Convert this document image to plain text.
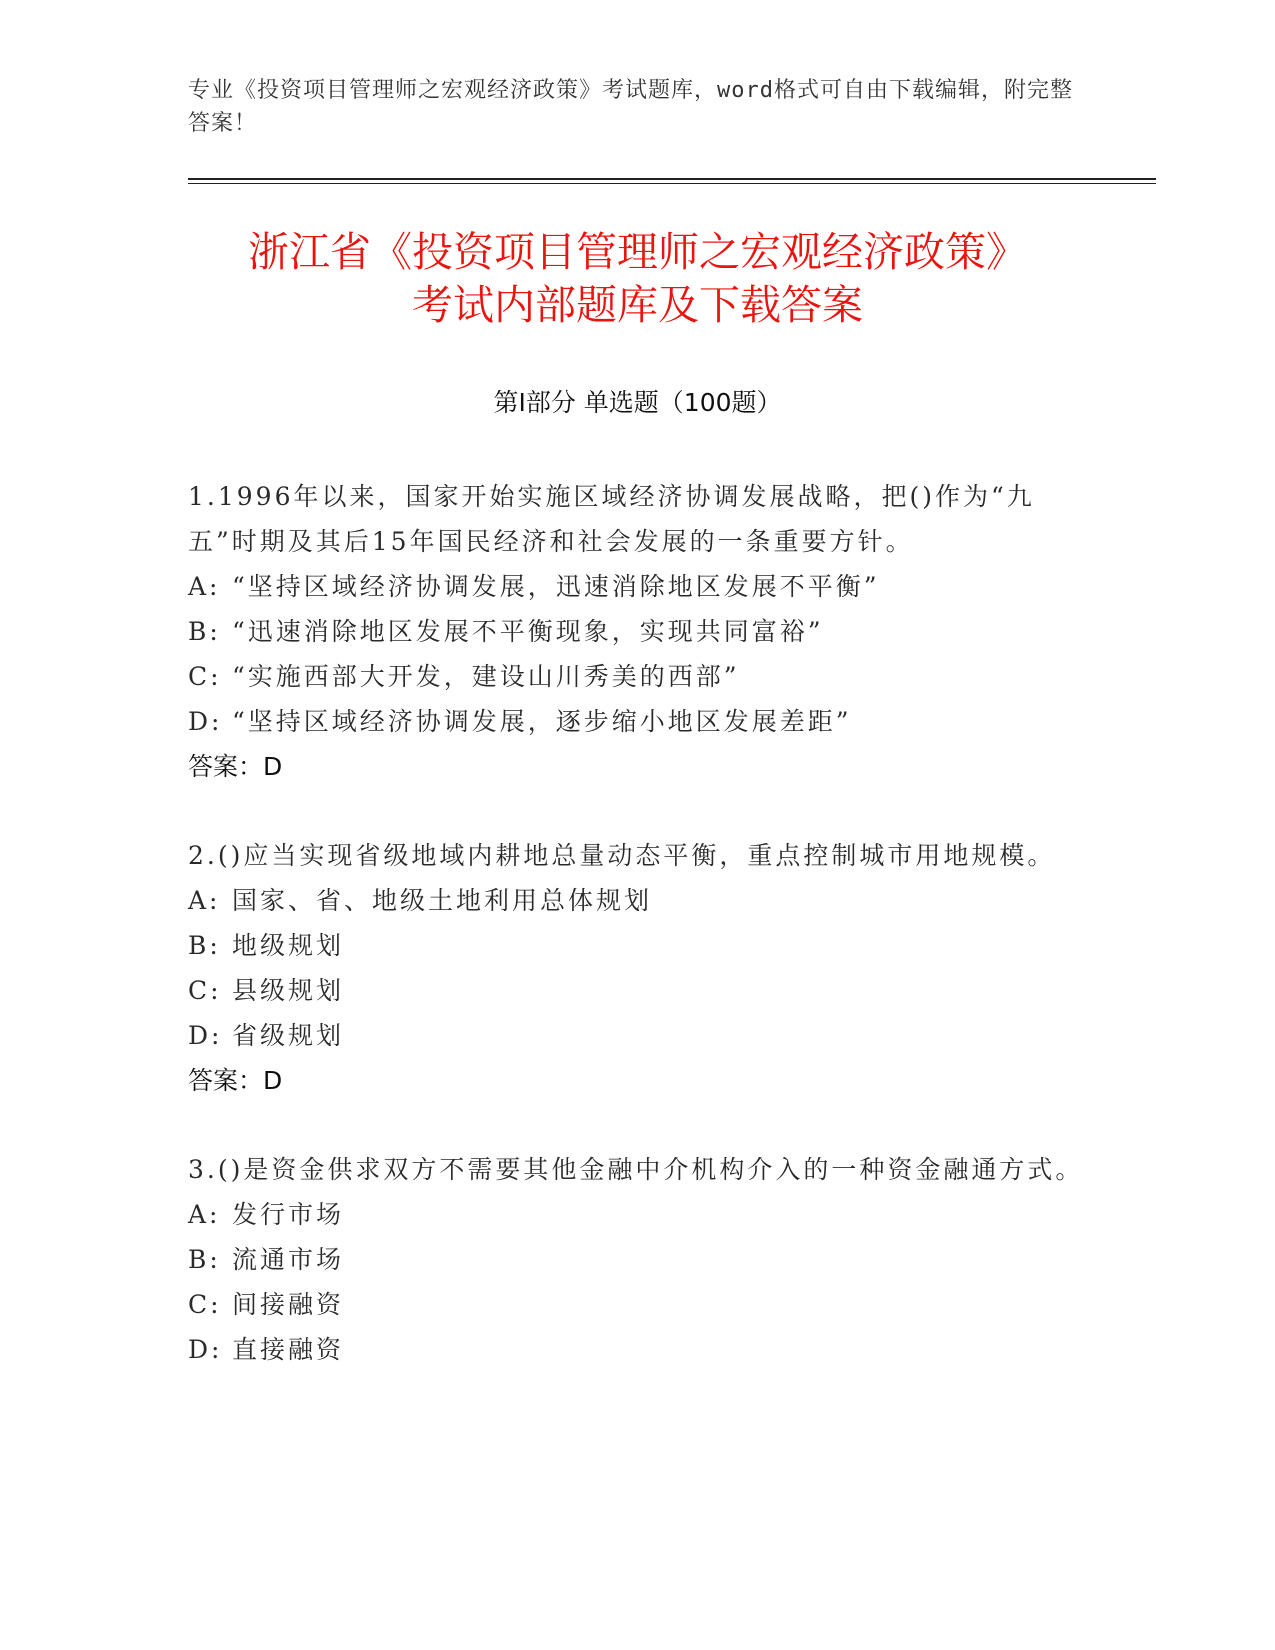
专业《投资项目管理师之宏观经济政策》考试题库，word格式可自由下载编辑，附完整答案！
浙江省《投资项目管理师之宏观经济政策》
考试内部题库及下载答案
第I部分 单选题（100题）
1.1996年以来，国家开始实施区域经济协调发展战略，把()作为“九五”时期及其后15年国民经济和社会发展的一条重要方针。
A: “坚持区域经济协调发展，迅速消除地区发展不平衡”
B: “迅速消除地区发展不平衡现象，实现共同富裕”
C: “实施西部大开发，建设山川秀美的西部”
D: “坚持区域经济协调发展，逐步缩小地区发展差距”
答案：D
2.()应当实现省级地域内耕地总量动态平衡，重点控制城市用地规模。
A: 国家、省、地级土地利用总体规划
B: 地级规划
C: 县级规划
D: 省级规划
答案：D
3.()是资金供求双方不需要其他金融中介机构介入的一种资金融通方式。
A: 发行市场
B: 流通市场
C: 间接融资
D: 直接融资
